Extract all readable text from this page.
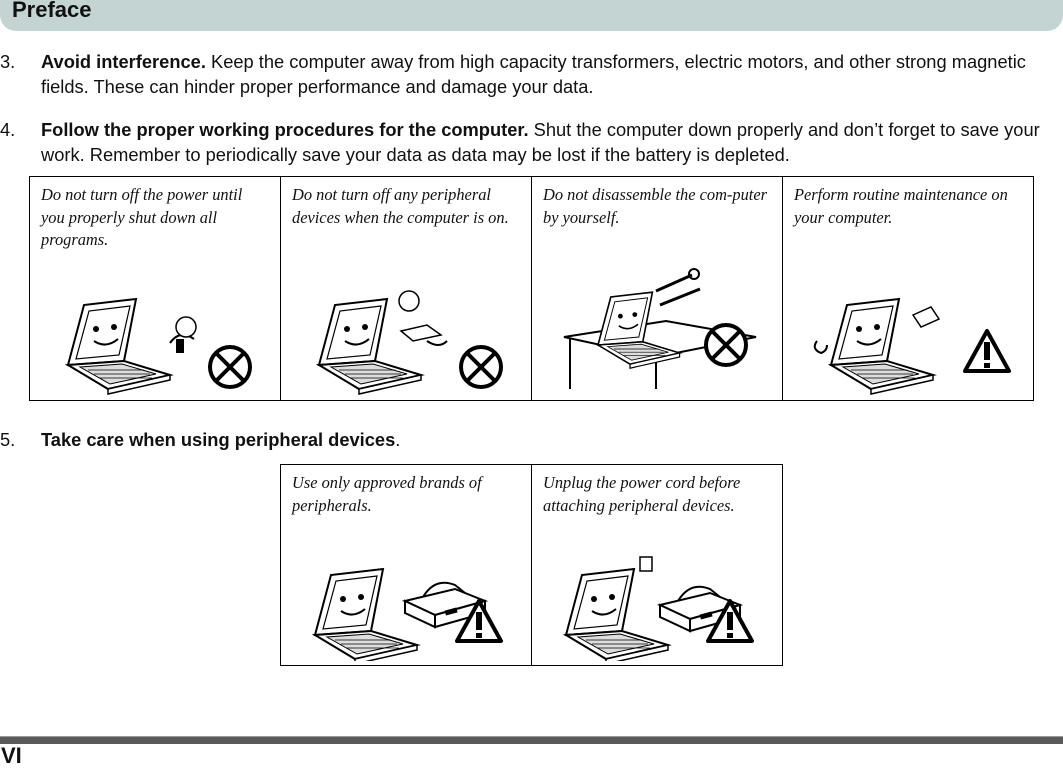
Preface
3. Avoid interference. Keep the computer away from high capacity transformers, electric motors, and other strong magnetic fields. These can hinder proper performance and damage your data.
4. Follow the proper working procedures for the computer. Shut the computer down properly and don’t forget to save your work. Remember to periodically save your data as data may be lost if the battery is depleted.
Do not turn off the power until you properly shut down all programs.

Do not turn off any peripheral devices when the computer is on.

Do not disassemble the com-puter by yourself.

Perform routine maintenance on your computer.
5. Take care when using peripheral devices.
Use only approved brands of peripherals.

Unplug the power cord before attaching peripheral devices.
VI
